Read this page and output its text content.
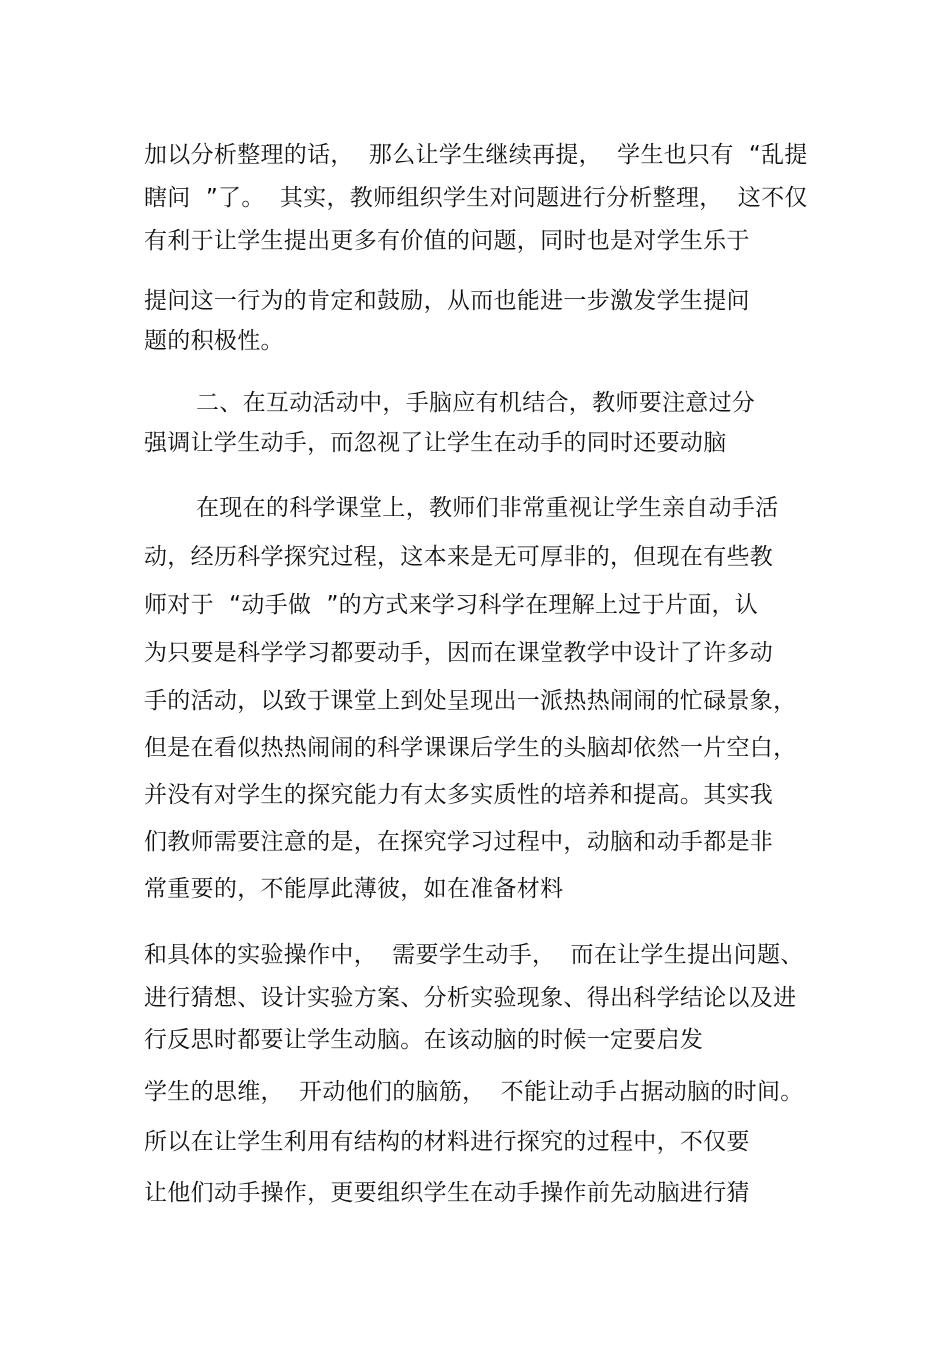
加以分析整理的话，  那么让学生继续再提，  学生也只有  “乱提
瞎问  ”了。  其实，教师组织学生对问题进行分析整理，  这不仅
有利于让学生提出更多有价值的问题，同时也是对学生乐于
提问这一行为的肯定和鼓励，从而也能进一步激发学生提问
题的积极性。
二、在互动活动中，手脑应有机结合，教师要注意过分
强调让学生动手，而忽视了让学生在动手的同时还要动脑
在现在的科学课堂上，教师们非常重视让学生亲自动手活
动，经历科学探究过程，这本来是无可厚非的，但现在有些教
师对于  “动手做  ”的方式来学习科学在理解上过于片面，认
为只要是科学学习都要动手，因而在课堂教学中设计了许多动
手的活动，以致于课堂上到处呈现出一派热热闹闹的忙碌景象，
但是在看似热热闹闹的科学课课后学生的头脑却依然一片空白，
并没有对学生的探究能力有太多实质性的培养和提高。其实我
们教师需要注意的是，在探究学习过程中，动脑和动手都是非
常重要的，不能厚此薄彼，如在准备材料
和具体的实验操作中，  需要学生动手，  而在让学生提出问题、
进行猜想、设计实验方案、分析实验现象、得出科学结论以及进
行反思时都要让学生动脑。在该动脑的时候一定要启发
学生的思维，  开动他们的脑筋，  不能让动手占据动脑的时间。
所以在让学生利用有结构的材料进行探究的过程中，不仅要
让他们动手操作，更要组织学生在动手操作前先动脑进行猜
